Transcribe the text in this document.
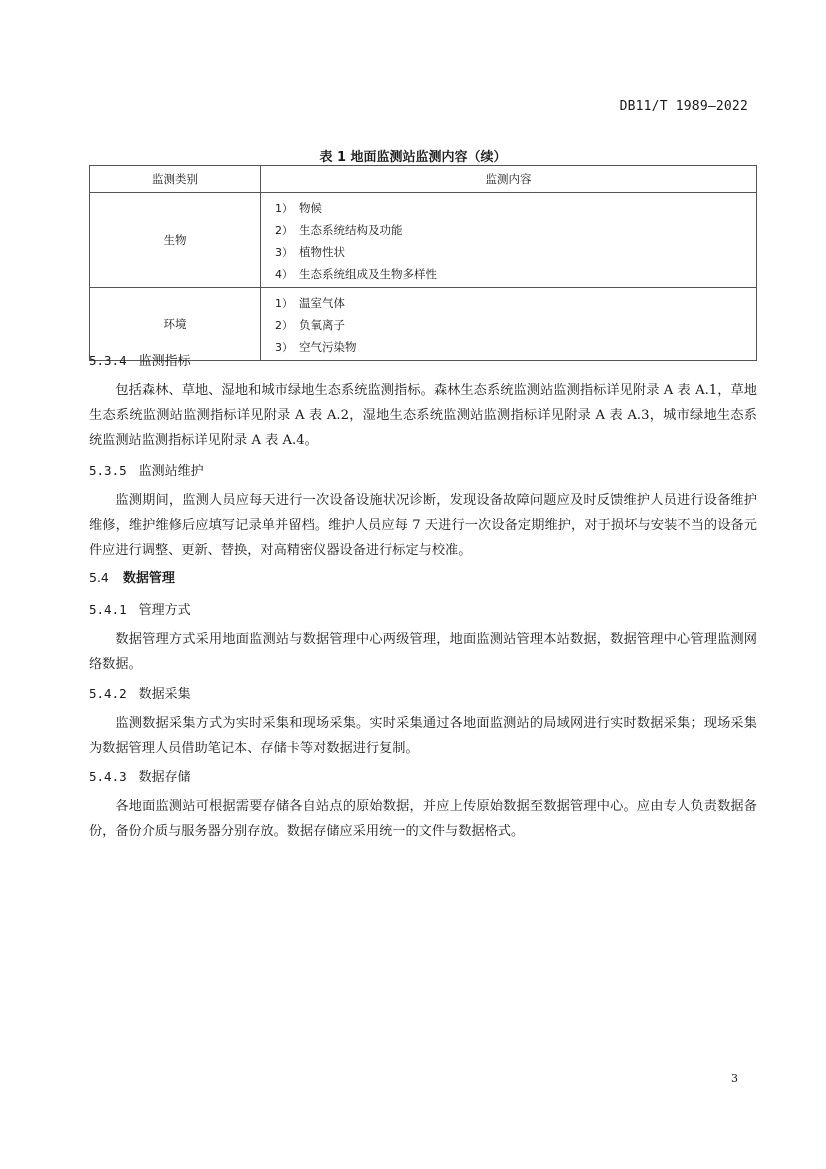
DB11/T 1989—2022
表 1 地面监测站监测内容（续）
监测类别	监测内容
生物	1） 物候
2） 生态系统结构及功能
3） 植物性状
4） 生态系统组成及生物多样性

环境	1） 温室气体
2） 负氧离子
3） 空气污染物
5.3.4 监测指标
包括森林、草地、湿地和城市绿地生态系统监测指标。森林生态系统监测站监测指标详见附录 A 表 A.1，草地生态系统监测站监测指标详见附录 A 表 A.2，湿地生态系统监测站监测指标详见附录 A 表 A.3，城市绿地生态系统监测站监测指标详见附录 A 表 A.4。
5.3.5 监测站维护
监测期间，监测人员应每天进行一次设备设施状况诊断，发现设备故障问题应及时反馈维护人员进行设备维护维修，维护维修后应填写记录单并留档。维护人员应每 7 天进行一次设备定期维护，对于损坏与安装不当的设备元件应进行调整、更新、替换，对高精密仪器设备进行标定与校准。
5.4 数据管理
5.4.1 管理方式
数据管理方式采用地面监测站与数据管理中心两级管理，地面监测站管理本站数据，数据管理中心管理监测网络数据。
5.4.2 数据采集
监测数据采集方式为实时采集和现场采集。实时采集通过各地面监测站的局域网进行实时数据采集；现场采集为数据管理人员借助笔记本、存储卡等对数据进行复制。
5.4.3 数据存储
各地面监测站可根据需要存储各自站点的原始数据，并应上传原始数据至数据管理中心。应由专人负责数据备份，备份介质与服务器分别存放。数据存储应采用统一的文件与数据格式。
3
